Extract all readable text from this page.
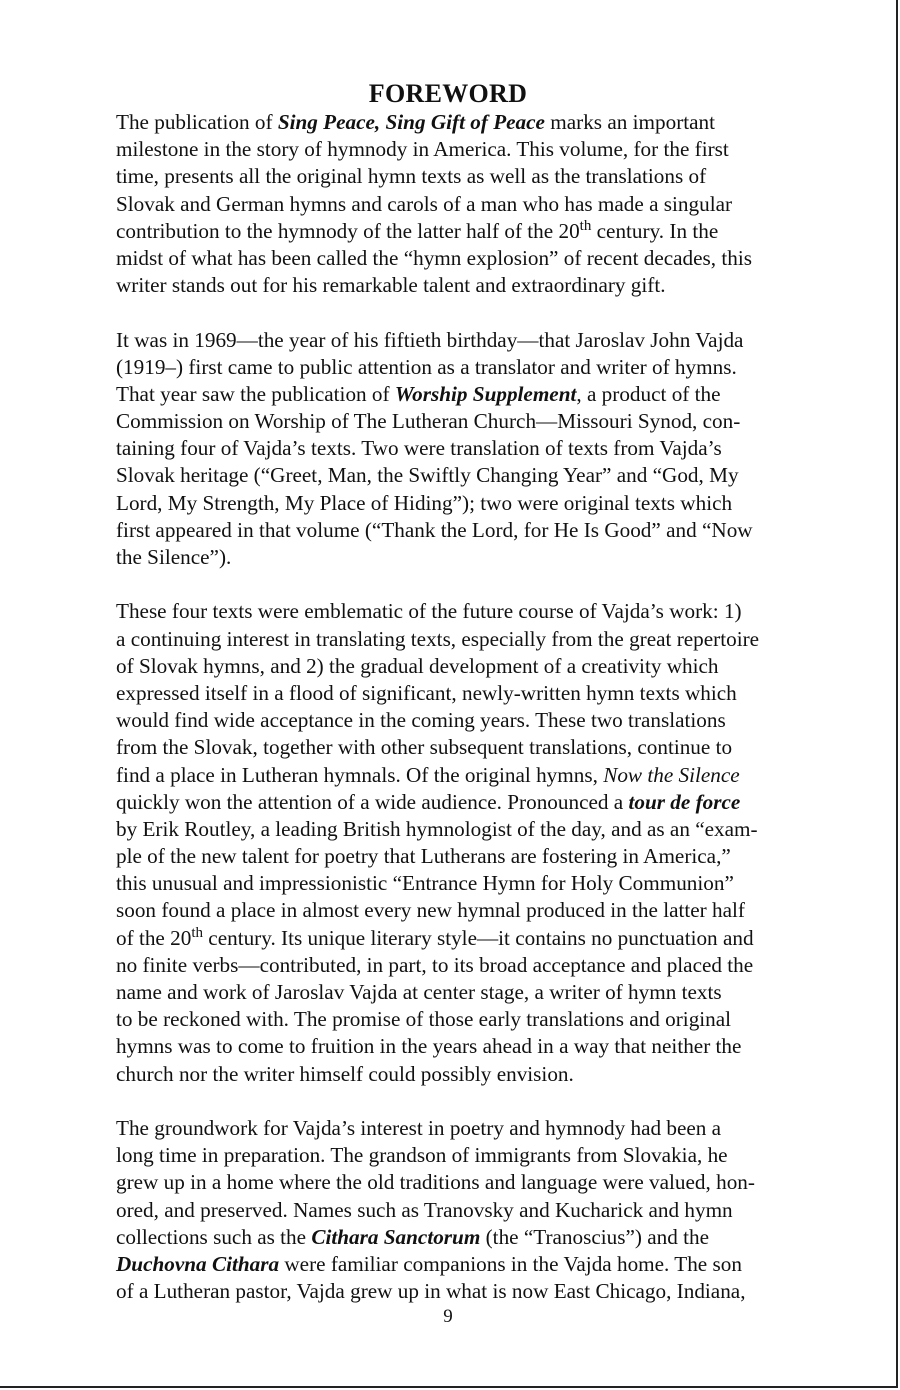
FOREWORD
The publication of Sing Peace, Sing Gift of Peace marks an important
milestone in the story of hymnody in America. This volume, for the first
time, presents all the original hymn texts as well as the translations of
Slovak and German hymns and carols of a man who has made a singular
contribution to the hymnody of the latter half of the 20th century. In the
midst of what has been called the “hymn explosion” of recent decades, this
writer stands out for his remarkable talent and extraordinary gift.
It was in 1969—the year of his fiftieth birthday—that Jaroslav John Vajda
(1919–) first came to public attention as a translator and writer of hymns.
That year saw the publication of Worship Supplement, a product of the
Commission on Worship of The Lutheran Church—Missouri Synod, con-
taining four of Vajda’s texts. Two were translation of texts from Vajda’s
Slovak heritage (“Greet, Man, the Swiftly Changing Year” and “God, My
Lord, My Strength, My Place of Hiding”); two were original texts which
first appeared in that volume (“Thank the Lord, for He Is Good” and “Now
the Silence”).
These four texts were emblematic of the future course of Vajda’s work: 1)
a continuing interest in translating texts, especially from the great repertoire
of Slovak hymns, and 2) the gradual development of a creativity which
expressed itself in a flood of significant, newly-written hymn texts which
would find wide acceptance in the coming years. These two translations
from the Slovak, together with other subsequent translations, continue to
find a place in Lutheran hymnals. Of the original hymns, Now the Silence
quickly won the attention of a wide audience. Pronounced a tour de force
by Erik Routley, a leading British hymnologist of the day, and as an “exam-
ple of the new talent for poetry that Lutherans are fostering in America,”
this unusual and impressionistic “Entrance Hymn for Holy Communion”
soon found a place in almost every new hymnal produced in the latter half
of the 20th century. Its unique literary style—it contains no punctuation and
no finite verbs—contributed, in part, to its broad acceptance and placed the
name and work of Jaroslav Vajda at center stage, a writer of hymn texts
to be reckoned with. The promise of those early translations and original
hymns was to come to fruition in the years ahead in a way that neither the
church nor the writer himself could possibly envision.
The groundwork for Vajda’s interest in poetry and hymnody had been a
long time in preparation. The grandson of immigrants from Slovakia, he
grew up in a home where the old traditions and language were valued, hon-
ored, and preserved. Names such as Tranovsky and Kucharick and hymn
collections such as the Cithara Sanctorum (the “Tranoscius”) and the
Duchovna Cithara were familiar companions in the Vajda home. The son
of a Lutheran pastor, Vajda grew up in what is now East Chicago, Indiana,
9
